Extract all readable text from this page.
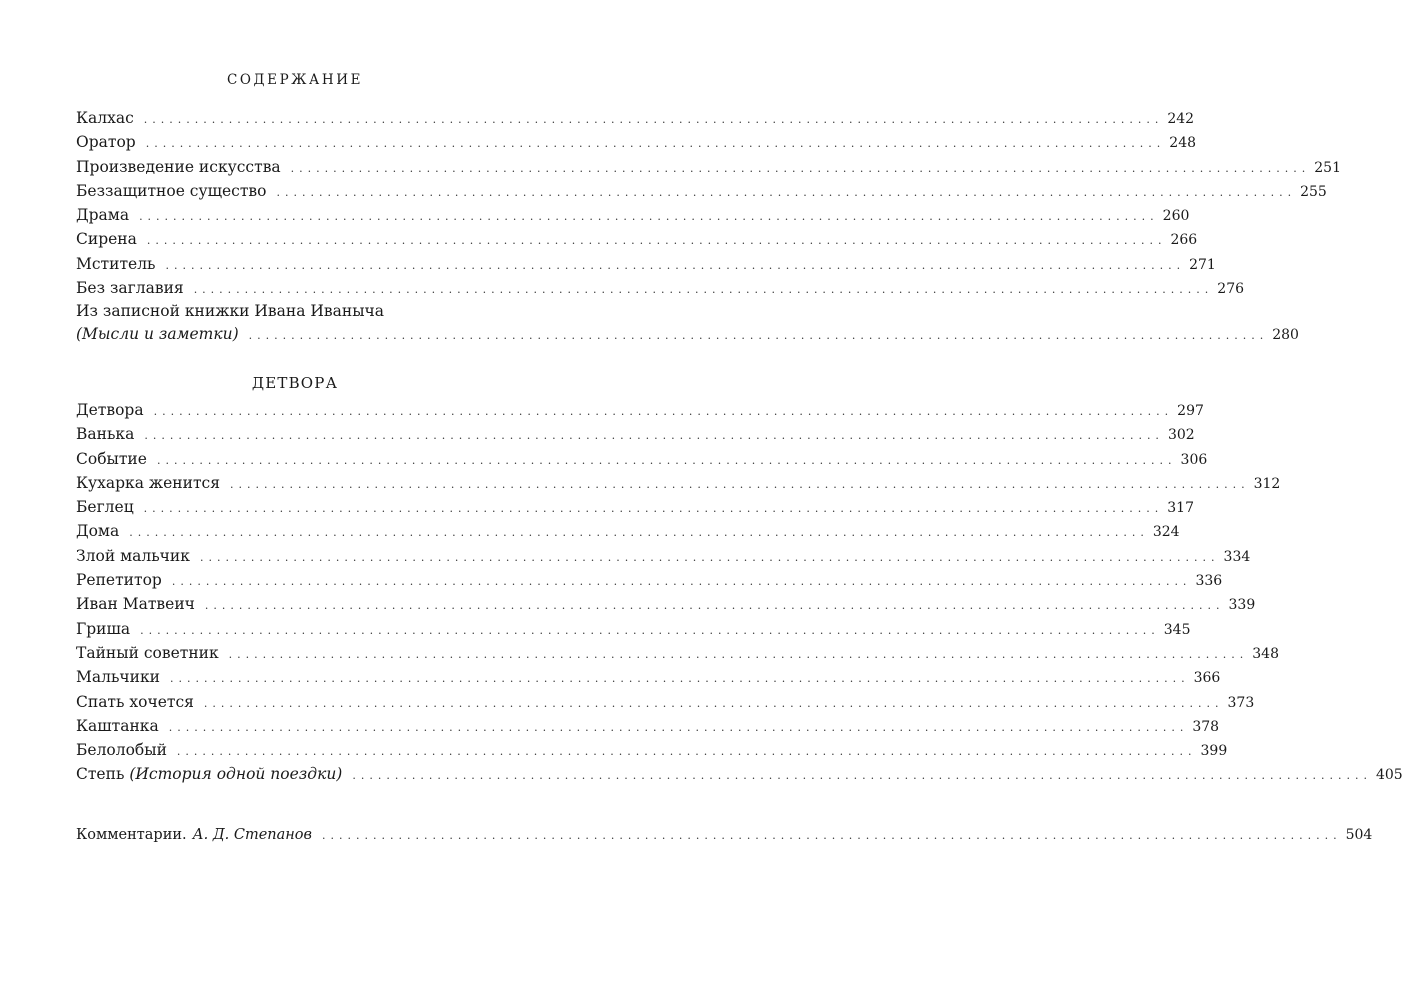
СОДЕРЖАНИЕ
Калхас ........................................................................................................................ 242
Оратор ........................................................................................................................ 248
Произведение искусства ........................................................................................................................ 251
Беззащитное существо ........................................................................................................................ 255
Драма ........................................................................................................................ 260
Сирена ........................................................................................................................ 266
Мститель ........................................................................................................................ 271
Без заглавия ........................................................................................................................ 276
Из записной книжки Ивана Иваныча
(Мысли и заметки) ........................................................................................................................ 280
ДЕТВОРА
Детвора ........................................................................................................................ 297
Ванька ........................................................................................................................ 302
Событие ........................................................................................................................ 306
Кухарка женится ........................................................................................................................ 312
Беглец ........................................................................................................................ 317
Дома ........................................................................................................................ 324
Злой мальчик ........................................................................................................................ 334
Репетитор ........................................................................................................................ 336
Иван Матвеич ........................................................................................................................ 339
Гриша ........................................................................................................................ 345
Тайный советник ........................................................................................................................ 348
Мальчики ........................................................................................................................ 366
Спать хочется ........................................................................................................................ 373
Каштанка ........................................................................................................................ 378
Белолобый ........................................................................................................................ 399
Степь (История одной поездки) ........................................................................................................................ 405
Комментарии. А. Д. Степанов ........................................................................................................................ 504
